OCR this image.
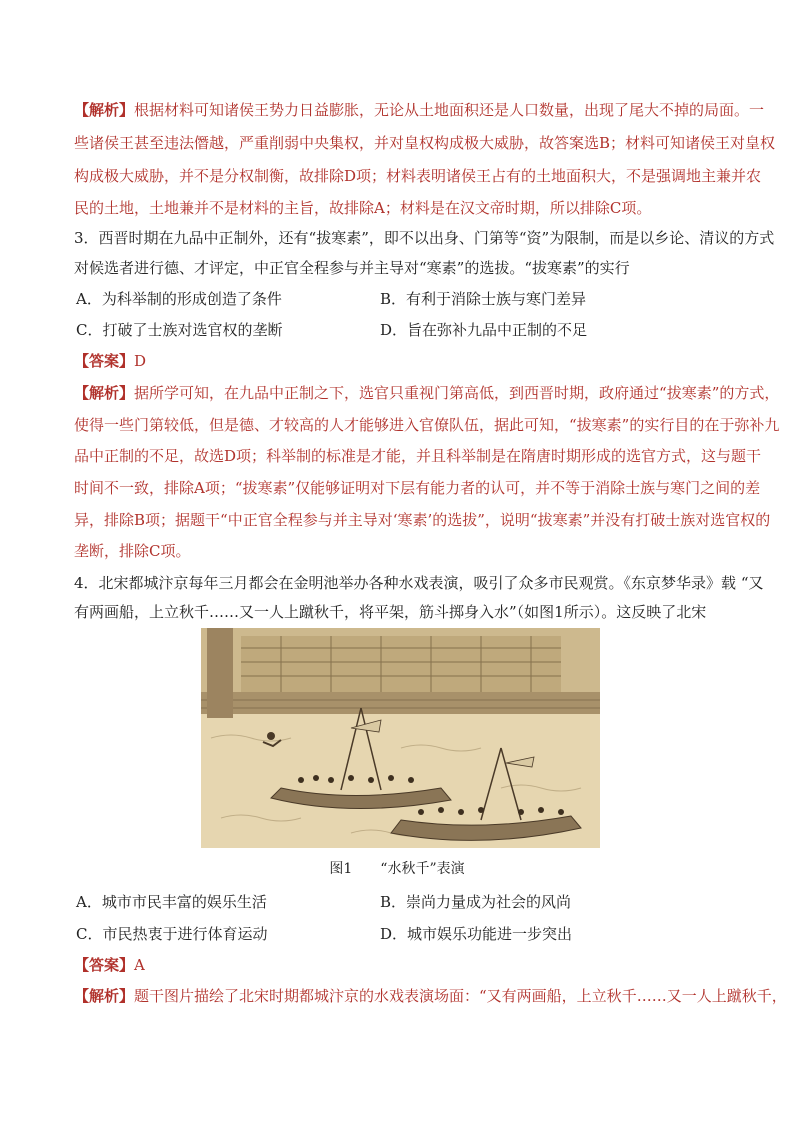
【解析】根据材料可知诸侯王势力日益膨胀，无论从土地面积还是人口数量，出现了尾大不掉的局面。一
些诸侯王甚至违法僭越，严重削弱中央集权，并对皇权构成极大威胁，故答案选B；材料可知诸侯王对皇权
构成极大威胁，并不是分权制衡，故排除D项；材料表明诸侯王占有的土地面积大，不是强调地主兼并农
民的土地，土地兼并不是材料的主旨，故排除A；材料是在汉文帝时期，所以排除C项。
3．西晋时期在九品中正制外，还有“拔寒素”，即不以出身、门第等“资”为限制，而是以乡论、清议的方式
对候选者进行德、才评定，中正官全程参与并主导对“寒素”的选拔。“拔寒素”的实行
A．为科举制的形成创造了条件	B．有利于消除士族与寒门差异
C．打破了士族对选官权的垄断	D．旨在弥补九品中正制的不足
【答案】D
【解析】据所学可知，在九品中正制之下，选官只重视门第高低，到西晋时期，政府通过“拔寒素”的方式，
使得一些门第较低，但是德、才较高的人才能够进入官僚队伍，据此可知，“拔寒素”的实行目的在于弥补九
品中正制的不足，故选D项；科举制的标准是才能，并且科举制是在隋唐时期形成的选官方式，这与题干
时间不一致，排除A项；“拔寒素”仅能够证明对下层有能力者的认可，并不等于消除士族与寒门之间的差
异，排除B项；据题干“中正官全程参与并主导对‘寒素’的选拔”，说明“拔寒素”并没有打破士族对选官权的
垄断，排除C项。
4．北宋都城汴京每年三月都会在金明池举办各种水戏表演，吸引了众多市民观赏。《东京梦华录》载 “又
有两画船，上立秋千……又一人上蹴秋千，将平架，筋斗掷身入水”（如图1所示）。这反映了北宋
图1 “水秋千”表演
A．城市市民丰富的娱乐生活	B．崇尚力量成为社会的风尚
C．市民热衷于进行体育运动	D．城市娱乐功能进一步突出
【答案】A
【解析】题干图片描绘了北宋时期都城汴京的水戏表演场面：“又有两画船，上立秋千……又一人上蹴秋千，
